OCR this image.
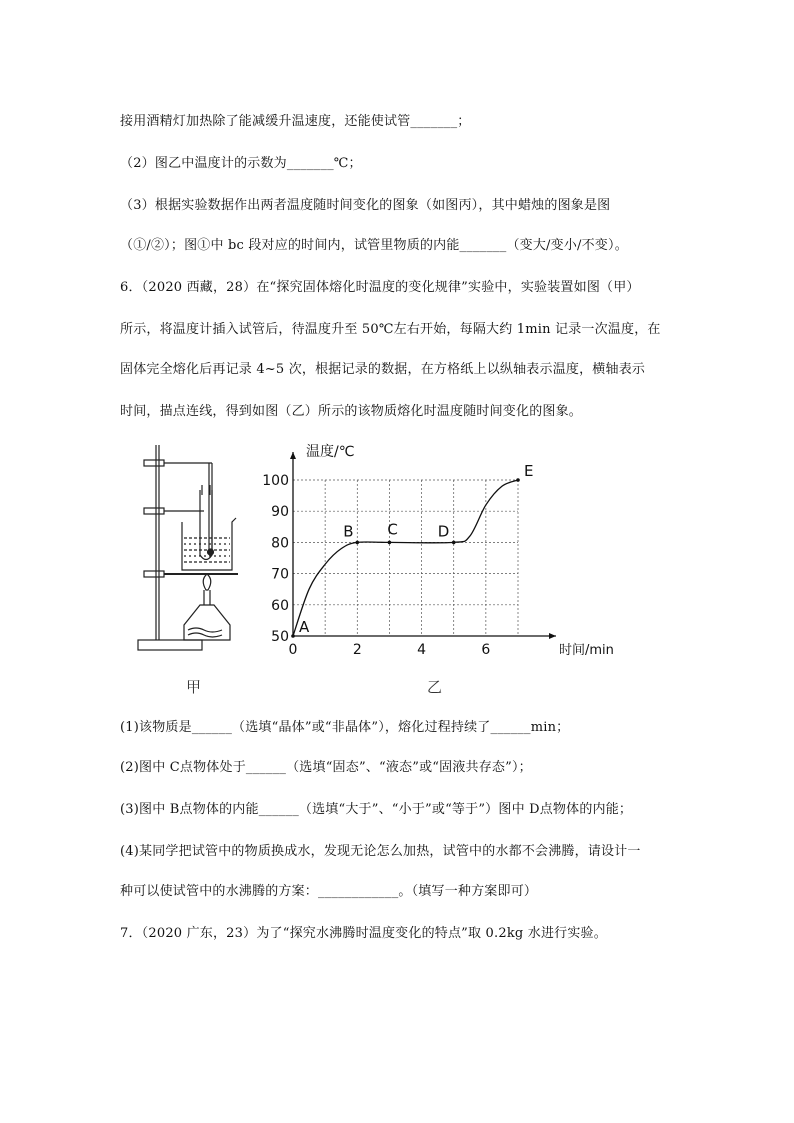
接用酒精灯加热除了能减缓升温速度，还能使试管_______；
（2）图乙中温度计的示数为_______℃；
（3）根据实验数据作出两者温度随时间变化的图象（如图丙），其中蜡烛的图象是图
（①/②）；图①中 bc 段对应的时间内，试管里物质的内能_______（变大/变小/不变）。
6．（2020 西藏，28）在“探究固体熔化时温度的变化规律”实验中，实验装置如图（甲）
所示，将温度计插入试管后，待温度升至 50℃左右开始，每隔大约 1min 记录一次温度，在
固体完全熔化后再记录 4~5 次，根据记录的数据，在方格纸上以纵轴表示温度，横轴表示
时间，描点连线，得到如图（乙）所示的该物质熔化时温度随时间变化的图象。
0	2	4	6
50
60
70
80
90
100
A
B C	D
E
温度/℃
时间/min
甲	乙
(1)该物质是______（选填“晶体”或“非晶体”），熔化过程持续了______min；
(2)图中 C点物体处于______（选填“固态”、“液态”或“固液共存态”）；
(3)图中 B点物体的内能______（选填“大于”、“小于”或“等于”）图中 D点物体的内能；
(4)某同学把试管中的物质换成水，发现无论怎么加热，试管中的水都不会沸腾，请设计一
种可以使试管中的水沸腾的方案：____________。（填写一种方案即可）
7．（2020 广东，23）为了“探究水沸腾时温度变化的特点”取 0.2kg 水进行实验。
